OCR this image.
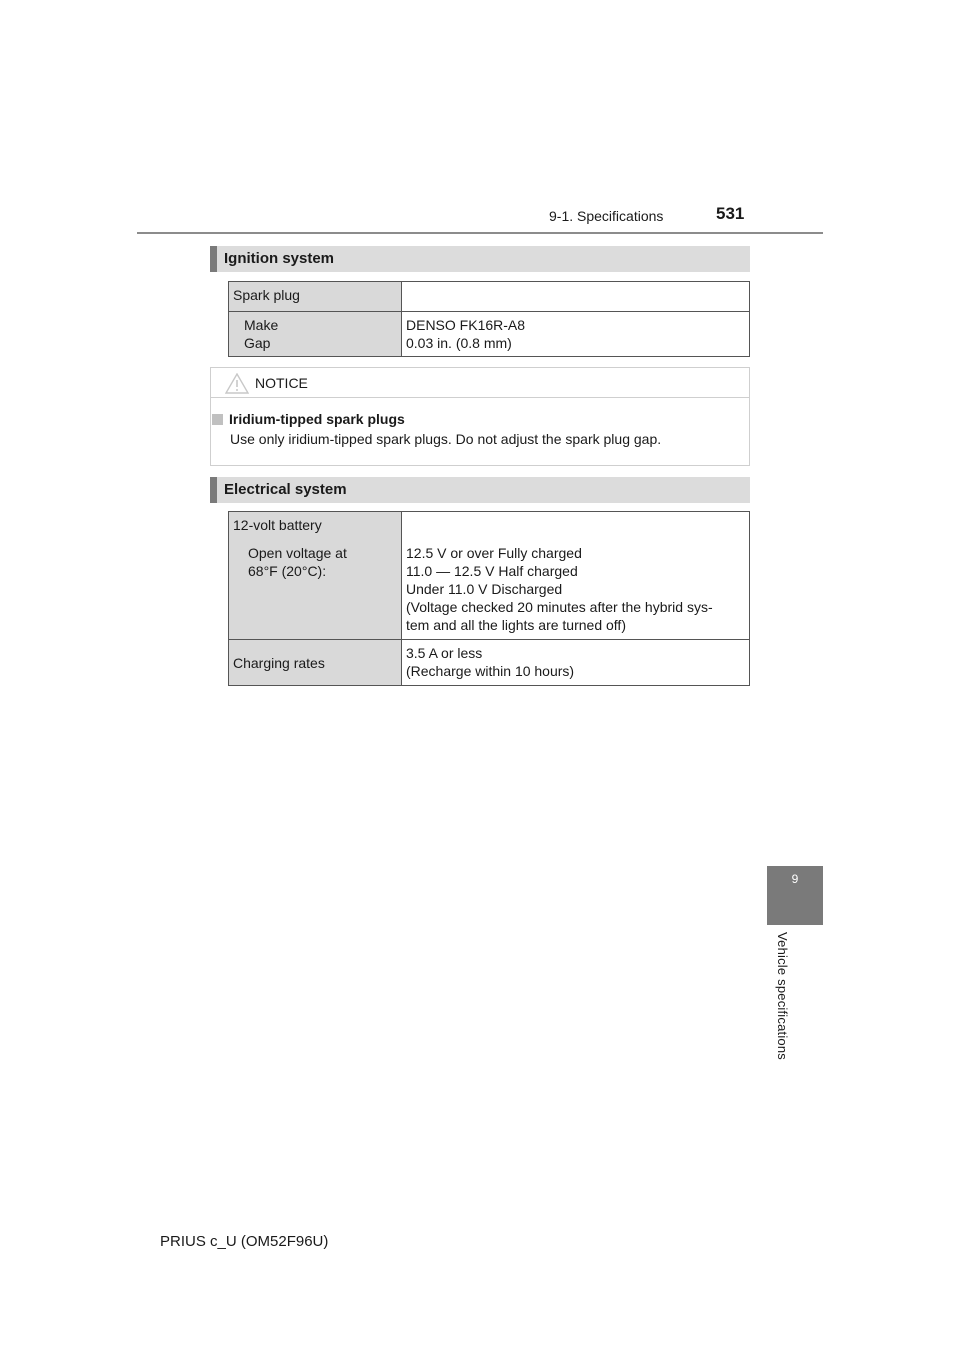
9-1. Specifications	531
Ignition system
Spark plug
Make
Gap
DENSO FK16R-A8
0.03 in. (0.8 mm)
NOTICE
Iridium-tipped spark plugs
Use only iridium-tipped spark plugs. Do not adjust the spark plug gap.
Electrical system
12-volt battery
Open voltage at
68°F (20°C):
12.5 V or over Fully charged
11.0 — 12.5 V Half charged
Under 11.0 V Discharged
(Voltage checked 20 minutes after the hybrid sys-
tem and all the lights are turned off)
Charging rates
3.5 A or less
(Recharge within 10 hours)
9
Vehicle specifications
PRIUS c_U (OM52F96U)
